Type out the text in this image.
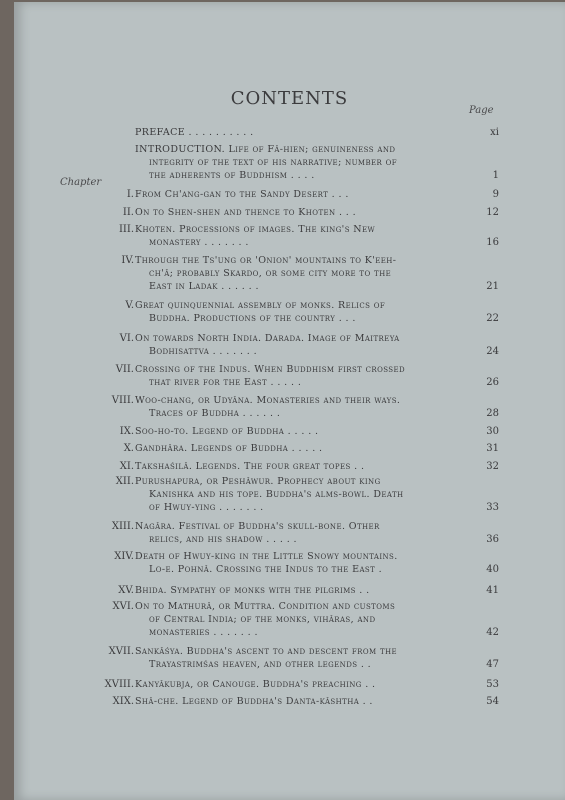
CONTENTS
Page
Chapter
PREFACE . . . . . . . . . .	xi
INTRODUCTION. Life of Fâ-hien; genuineness and
integrity of the text of his narrative; number of
the adherents of Buddhism . . . .	1
I. From Ch'ang-gan to the Sandy Desert . . .	9
II. On to Shen-shen and thence to Khoten . . .	12
III. Khoten. Processions of images. The king's New
monastery . . . . . . .	16
IV. Through the Ts'ung or 'Onion' mountains to K'eeh-
ch'â; probably Skardo, or some city more to the
East in Ladak . . . . . .	21
V. Great quinquennial assembly of monks. Relics of
Buddha. Productions of the country . . .	22
VI. On towards North India. Darada. Image of Maitreya
Bodhisattva . . . . . . .	24
VII. Crossing of the Indus. When Buddhism first crossed
that river for the East . . . . .	26
VIII. Woo-chang, or Udyâna. Monasteries and their ways.
Traces of Buddha . . . . . .	28
IX. Soo-ho-to. Legend of Buddha . . . . .	30
X. Gandhâra. Legends of Buddha . . . . .	31
XI. Takshaśilâ. Legends. The four great topes . .	32
XII. Purushapura, or Peshâwur. Prophecy about king
Kanishka and his tope. Buddha's alms-bowl. Death
of Hwuy-ying . . . . . . .	33
XIII. Nagâra. Festival of Buddha's skull-bone. Other
relics, and his shadow . . . . .	36
XIV. Death of Hwuy-king in the Little Snowy mountains.
Lo-e. Pohnâ. Crossing the Indus to the East .	40
XV. Bhida. Sympathy of monks with the pilgrims . .	41
XVI. On to Mathurâ, or Muttra. Condition and customs
of Central India; of the monks, vihâras, and
monasteries . . . . . . .	42
XVII. Sankâśya. Buddha's ascent to and descent from the
Trayastrimśas heaven, and other legends . .	47
XVIII. Kanyâkubja, or Canouge. Buddha's preaching . .	53
XIX. Shâ-che. Legend of Buddha's Danta-kâshtha . .	54
